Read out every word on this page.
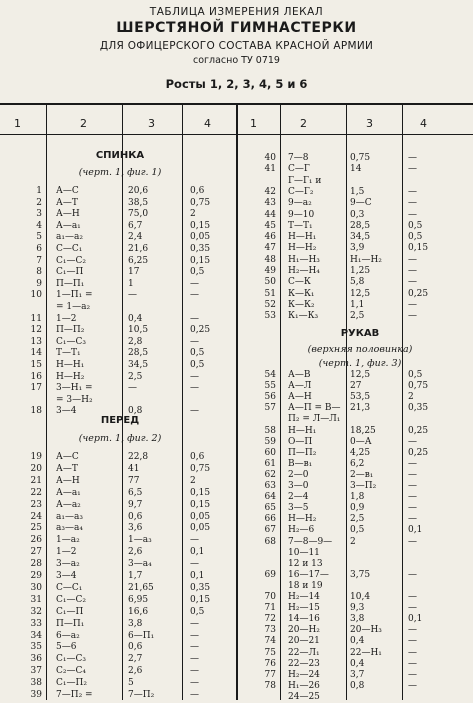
ТАБЛИЦА ИЗМЕРЕНИЯ ЛЕКАЛ
ШЕРСТЯНОЙ ГИМНАСТЕРКИ
ДЛЯ ОФИЦЕРСКОГО СОСТАВА КРАСНОЙ АРМИИ
согласно ТУ 0719
Росты 1, 2, 3, 4, 5 и 6
1	2	3	4	1	2	3	4
СПИНКА
(черт. 1, фиг. 1)
ПЕРЕД
(черт. 1, фиг. 2)
РУКАВ
(верхняя половинка)
(черт. 1, фиг. 3)
1 А—С	20,6	0,6
2 А—Т	38,5	0,75
3 А—Н	75,0	2
4 А—а₁	6,7	0,15
5 а₁—а₂	2,4	0,05
6 С—С₁	21,6	0,35
7 С₁—С₂	6,25	0,15
8 С₁—П	17	0,5
9 П—П₁	1	—
10 1—П₁ =	—	—
= 1—а₂
11 1—2	0,4	—
12 П—П₂	10,5	0,25
13 С₁—С₃	2,8	—
14 Т—Т₁	28,5	0,5
15 Н—Н₁	34,5	0,5
16 Н—Н₂	2,5	—
17 3—Н₁ =	—	—
= 3—Н₂
18 3—4	0,8	—
19 А—С	22,8	0,6
20 А—Т	41	0,75
21 А—Н	77	2
22 А—а₁	6,5	0,15
23 А—а₂	9,7	0,15
24 а₁—а₃	0,6	0,05
25 а₃—а₄	3,6	0,05
26 1—а₂	1—а₃	—
27 1—2	2,6	0,1
28 3—а₂	3—а₄	—
29 3—4	1,7	0,1
30 С—С₁	21,65	0,35
31 С₁—С₂	6,95	0,15
32 С₁—П	16,6	0,5
33 П—П₁	3,8	—
34 6—а₂	6—П₁	—
35 5—6	0,6	—
36 С₁—С₃	2,7	—
37 С₂—С₄	2,6	—
38 С₁—П₂	5	—
39 7—П₂ =	7—П₂	—
40 7—8	0,75	—
41 С—Г	14	—
Г—Г₁ и
42 С—Г₂	1,5	—
43 9—а₂	9—С	—
44 9—10	0,3	—
45 Т—Т₁	28,5	0,5
46 Н—Н₁	34,5	0,5
47 Н—Н₂	3,9	0,15
48 Н₁—Н₃	Н₁—Н₂	—
49 Н₂—Н₄	1,25	—
50 С—К	5,8	—
51 К—К₁	12,5	0,25
52 К—К₂	1,1	—
53 К₁—К₃	2,5	—
54 А—В	12,5	0,5
55 А—Л	27	0,75
56 А—Н	53,5	2
57 А—П = В—	21,3	0,35
П₂ = Л—Л₁
58 Н—Н₁	18,25	0,25
59 О—П	0—А	—
60 П—П₂	4,25	0,25
61 В—в₁	6,2	—
62 2—0	2—в₁	—
63 3—0	3—П₂	—
64 2—4	1,8	—
65 3—5	0,9	—
66 Н—Н₂	2,5	—
67 Н₂—6	0,5	0,1
68 7—8—9—	2	—
10—11
12 и 13
69 16—17—	3,75	—
18 и 19
70 Н₂—14	10,4	—
71 Н₂—15	9,3	—
72 14—16	3,8	0,1
73 20—Н₂	20—Н₃	—
74 20—21	0,4	—
75 22—Л₁	22—Н₁	—
76 22—23	0,4	—
77 Н₂—24	3,7	—
78 Н₁—26	0,8	—
24—25
